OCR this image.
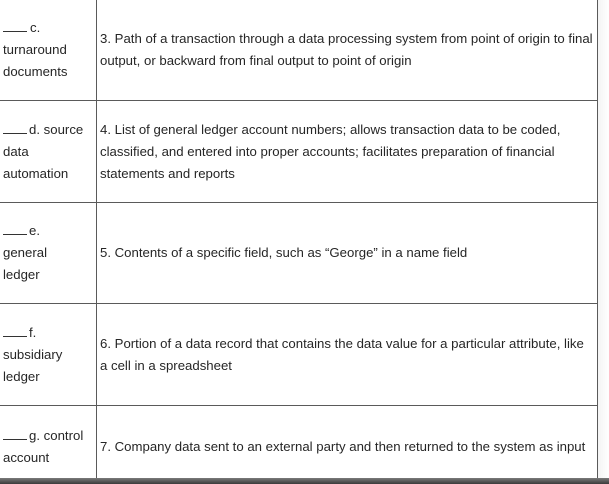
c.
turnaround
documents	3. Path of a transaction through a data processing system from point of origin to final output, or backward from final output to point of origin

d. source
data
automation	4. List of general ledger account numbers; allows transaction data to be coded, classified, and entered into proper accounts; facilitates preparation of financial statements and reports

e.
general
ledger	5. Contents of a specific field, such as “George” in a name field

f.
subsidiary
ledger	6. Portion of a data record that contains the data value for a particular attribute, like a cell in a spreadsheet

g. control
account	7. Company data sent to an external party and then returned to the system as input
